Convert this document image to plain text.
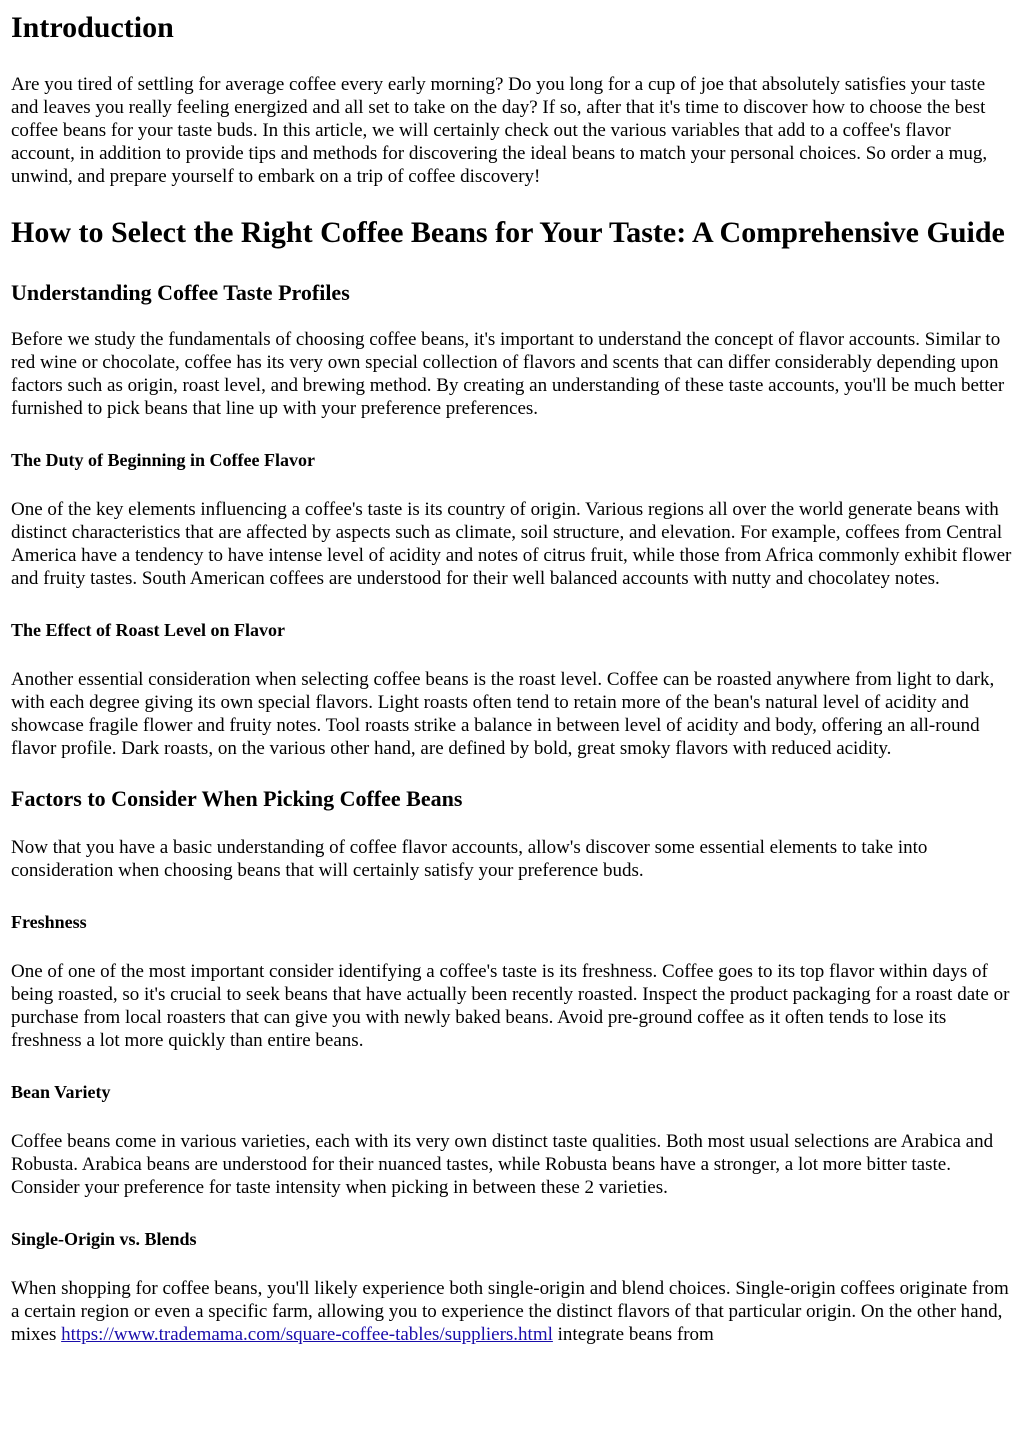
Introduction

Are you tired of settling for average coffee every early morning? Do you long for a cup of joe that absolutely satisfies your taste and leaves you really feeling energized and all set to take on the day? If so, after that it's time to discover how to choose the best coffee beans for your taste buds. In this article, we will certainly check out the various variables that add to a coffee's flavor account, in addition to provide tips and methods for discovering the ideal beans to match your personal choices. So order a mug, unwind, and prepare yourself to embark on a trip of coffee discovery!

How to Select the Right Coffee Beans for Your Taste: A Comprehensive Guide
Understanding Coffee Taste Profiles

Before we study the fundamentals of choosing coffee beans, it's important to understand the concept of flavor accounts. Similar to red wine or chocolate, coffee has its very own special collection of flavors and scents that can differ considerably depending upon factors such as origin, roast level, and brewing method. By creating an understanding of these taste accounts, you'll be much better furnished to pick beans that line up with your preference preferences.

The Duty of Beginning in Coffee Flavor

One of the key elements influencing a coffee's taste is its country of origin. Various regions all over the world generate beans with distinct characteristics that are affected by aspects such as climate, soil structure, and elevation. For example, coffees from Central America have a tendency to have intense level of acidity and notes of citrus fruit, while those from Africa commonly exhibit flower and fruity tastes. South American coffees are understood for their well balanced accounts with nutty and chocolatey notes.

The Effect of Roast Level on Flavor

Another essential consideration when selecting coffee beans is the roast level. Coffee can be roasted anywhere from light to dark, with each degree giving its own special flavors. Light roasts often tend to retain more of the bean's natural level of acidity and showcase fragile flower and fruity notes. Tool roasts strike a balance in between level of acidity and body, offering an all-round flavor profile. Dark roasts, on the various other hand, are defined by bold, great smoky flavors with reduced acidity.

Factors to Consider When Picking Coffee Beans

Now that you have a basic understanding of coffee flavor accounts, allow's discover some essential elements to take into consideration when choosing beans that will certainly satisfy your preference buds.

Freshness

One of one of the most important consider identifying a coffee's taste is its freshness. Coffee goes to its top flavor within days of being roasted, so it's crucial to seek beans that have actually been recently roasted. Inspect the product packaging for a roast date or purchase from local roasters that can give you with newly baked beans. Avoid pre-ground coffee as it often tends to lose its freshness a lot more quickly than entire beans.

Bean Variety

Coffee beans come in various varieties, each with its very own distinct taste qualities. Both most usual selections are Arabica and Robusta. Arabica beans are understood for their nuanced tastes, while Robusta beans have a stronger, a lot more bitter taste. Consider your preference for taste intensity when picking in between these 2 varieties.

Single-Origin vs. Blends

When shopping for coffee beans, you'll likely experience both single-origin and blend choices. Single-origin coffees originate from a certain region or even a specific farm, allowing you to experience the distinct flavors of that particular origin. On the other hand, mixes https://www.trademama.com/square-coffee-tables/suppliers.html integrate beans from
